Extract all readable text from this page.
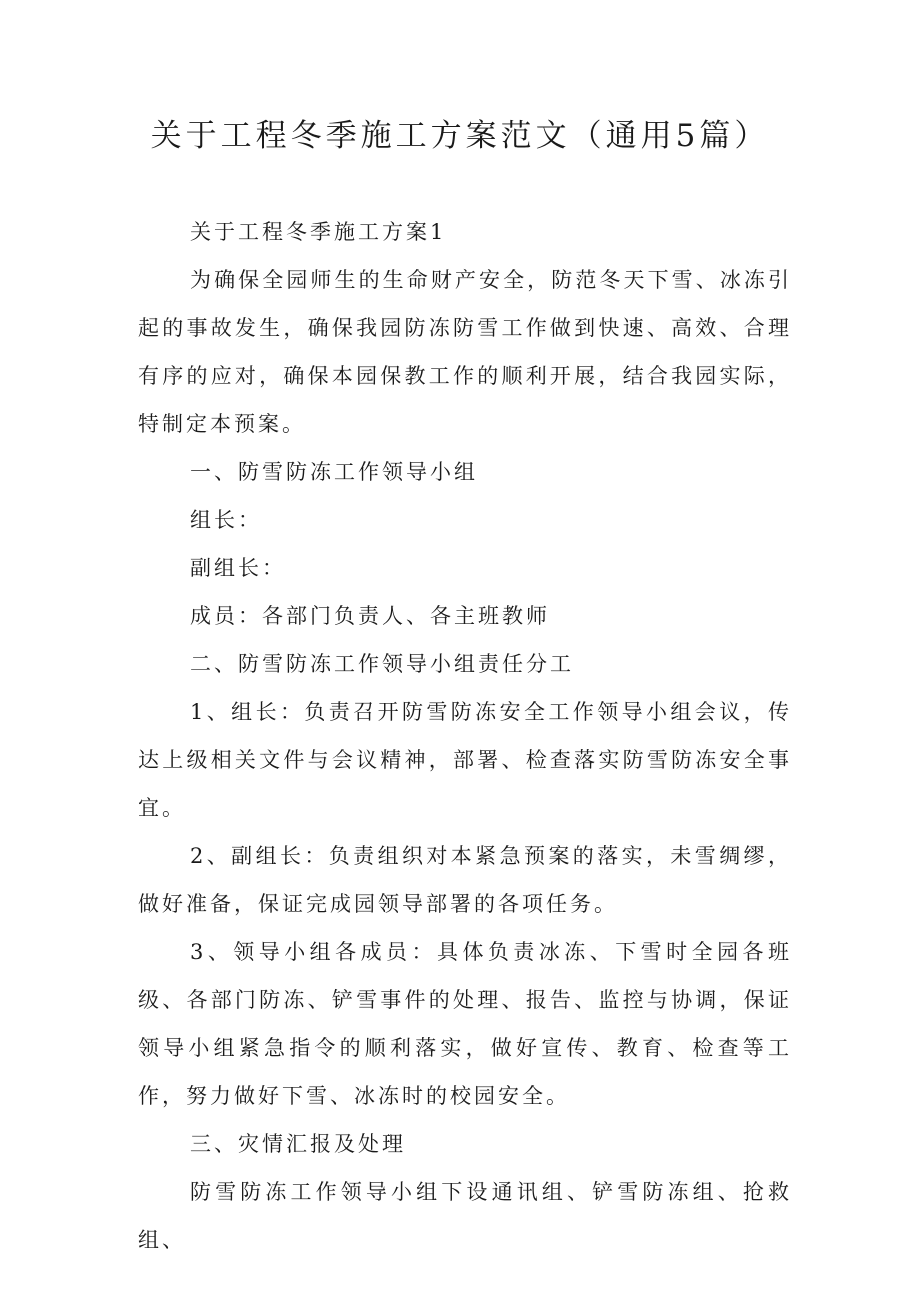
关于工程冬季施工方案范文（通用5篇）

关于工程冬季施工方案1

为确保全园师生的生命财产安全，防范冬天下雪、冰冻引起的事故发生，确保我园防冻防雪工作做到快速、高效、合理有序的应对，确保本园保教工作的顺利开展，结合我园实际，特制定本预案。

一、防雪防冻工作领导小组

组长：

副组长：

成员：各部门负责人、各主班教师

二、防雪防冻工作领导小组责任分工

1、组长：负责召开防雪防冻安全工作领导小组会议，传达上级相关文件与会议精神，部署、检查落实防雪防冻安全事宜。

2、副组长：负责组织对本紧急预案的落实，未雪绸缪，做好准备，保证完成园领导部署的各项任务。

3、领导小组各成员：具体负责冰冻、下雪时全园各班级、各部门防冻、铲雪事件的处理、报告、监控与协调，保证领导小组紧急指令的顺利落实，做好宣传、教育、检查等工作，努力做好下雪、冰冻时的校园安全。

三、灾情汇报及处理

防雪防冻工作领导小组下设通讯组、铲雪防冻组、抢救组、
